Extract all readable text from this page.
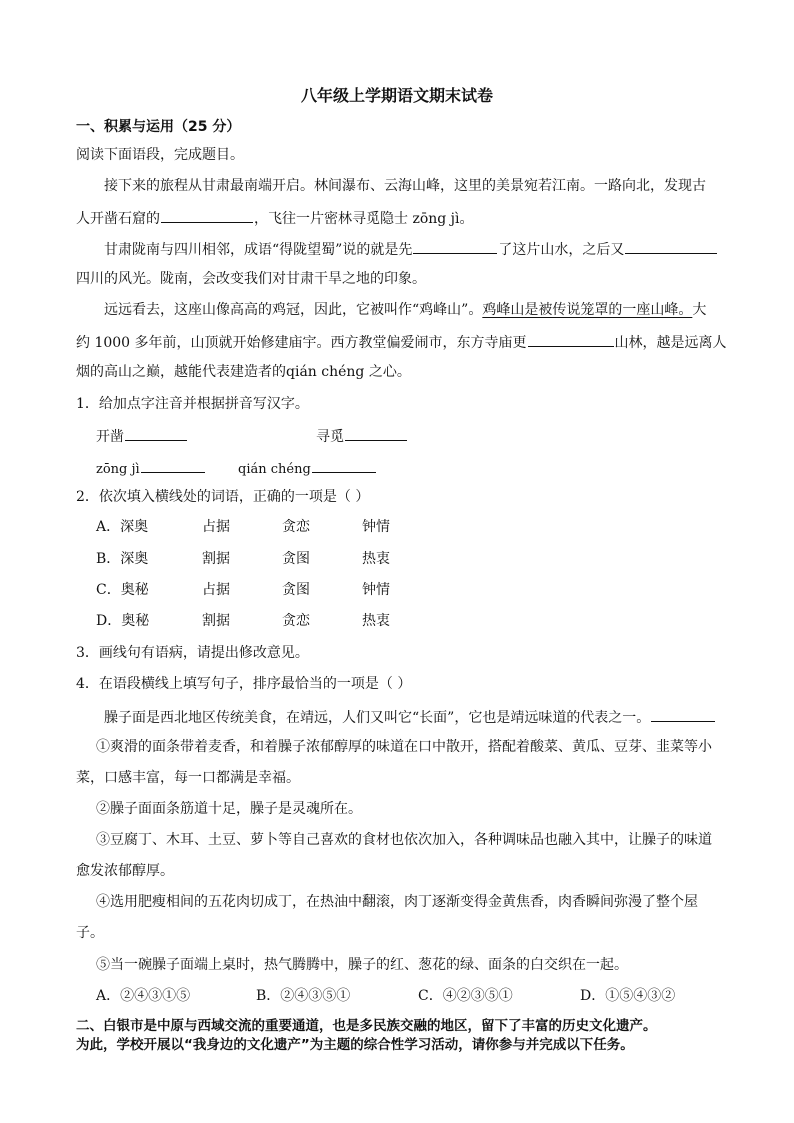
八年级上学期语文期末试卷
一、积累与运用（25 分）
阅读下面语段，完成题目。
接下来的旅程从甘肃最南端开启。林间瀑布、云海山峰，这里的美景宛若江南。一路向北，发现古
人开凿石窟的	，飞往一片密林寻觅隐士 zōng jì。
甘肃陇南与四川相邻，成语“得陇望蜀”说的就是先	了这片山水，之后又
四川的风光。陇南，会改变我们对甘肃干旱之地的印象。
远远看去，这座山像高高的鸡冠，因此，它被叫作“鸡峰山”。鸡峰山是被传说笼罩的一座山峰。大
约 1000 多年前，山顶就开始修建庙宇。西方教堂偏爱闹市，东方寺庙更	山林，越是远离人
烟的高山之巅，越能代表建造者的qián chéng 之心。
1．给加点字注音并根据拼音写汉字。
开凿	寻觅
zōng jì	qián chéng
2．依次填入横线处的词语，正确的一项是（ ）
A．深奥	占据	贪恋	钟情
B．深奥	割据	贪图	热衷
C．奥秘	占据	贪图	钟情
D．奥秘	割据	贪恋	热衷
3．画线句有语病，请提出修改意见。
4．在语段横线上填写句子，排序最恰当的一项是（ ）
臊子面是西北地区传统美食，在靖远，人们又叫它“长面”，它也是靖远味道的代表之一。
①爽滑的面条带着麦香，和着臊子浓郁醇厚的味道在口中散开，搭配着酸菜、黄瓜、豆芽、韭菜等小
菜，口感丰富，每一口都满是幸福。
②臊子面面条筋道十足，臊子是灵魂所在。
③豆腐丁、木耳、土豆、萝卜等自己喜欢的食材也依次加入，各种调味品也融入其中，让臊子的味道
愈发浓郁醇厚。
④选用肥瘦相间的五花肉切成丁，在热油中翻滚，肉丁逐渐变得金黄焦香，肉香瞬间弥漫了整个屋
子。
⑤当一碗臊子面端上桌时，热气腾腾中，臊子的红、葱花的绿、面条的白交织在一起。
A．②④③①⑤	B．②④③⑤①	C．④②③⑤①	D．①⑤④③②
二、白银市是中原与西域交流的重要通道，也是多民族交融的地区，留下了丰富的历史文化遗产。
为此，学校开展以“我身边的文化遗产”为主题的综合性学习活动，请你参与并完成以下任务。
